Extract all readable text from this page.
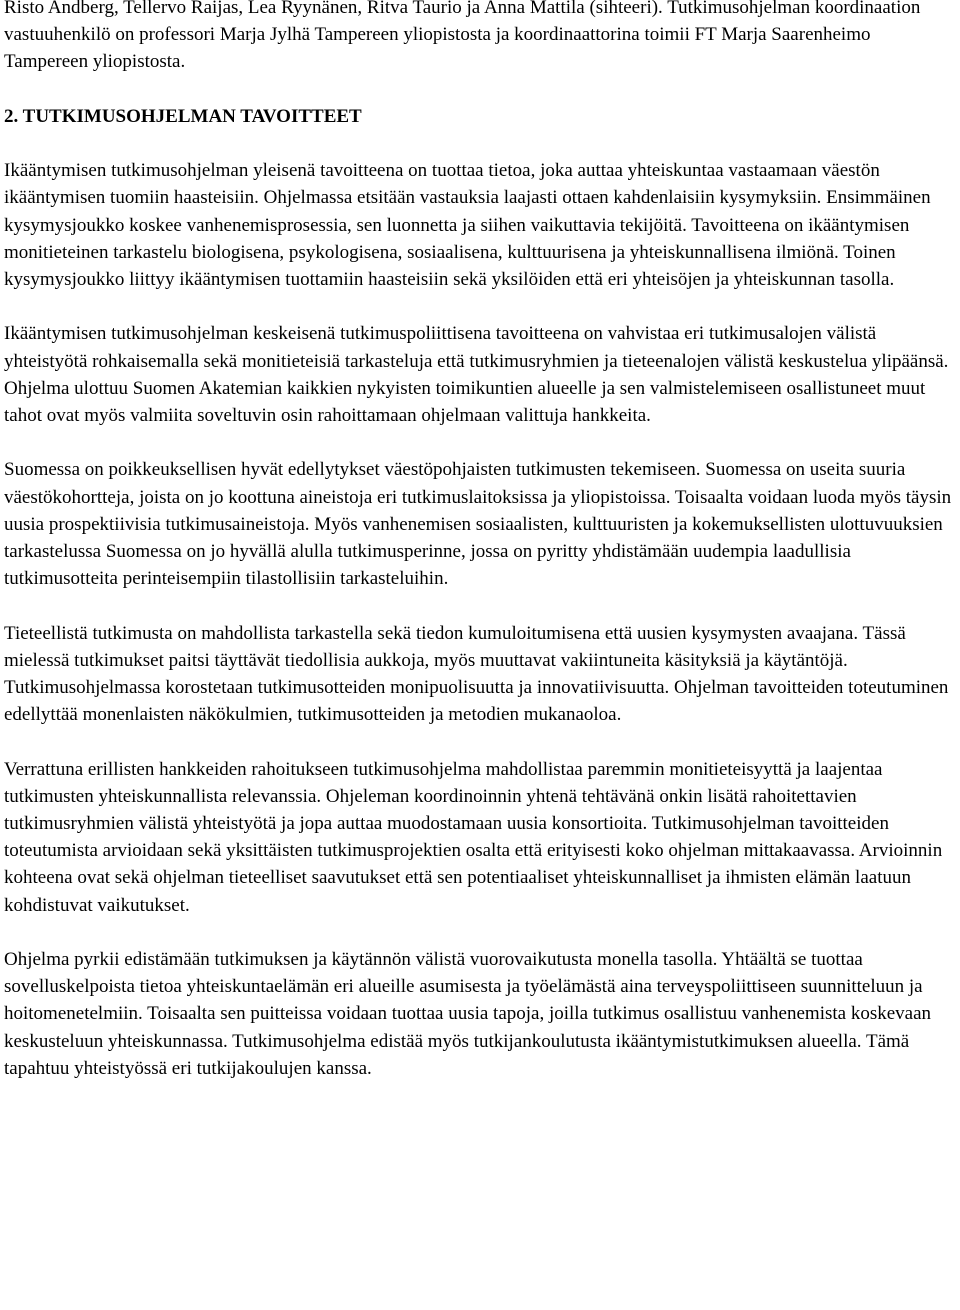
Risto Andberg, Tellervo Raijas, Lea Ryynänen, Ritva Taurio ja Anna Mattila (sihteeri). Tutkimusohjelman koordinaation vastuuhenkilö on professori Marja Jylhä Tampereen yliopistosta ja koordinaattorina toimii FT Marja Saarenheimo Tampereen yliopistosta.

2. TUTKIMUSOHJELMAN TAVOITTEET

Ikääntymisen tutkimusohjelman yleisenä tavoitteena on tuottaa tietoa, joka auttaa yhteiskuntaa vastaamaan väestön ikääntymisen tuomiin haasteisiin. Ohjelmassa etsitään vastauksia laajasti ottaen kahdenlaisiin kysymyksiin. Ensimmäinen kysymysjoukko koskee vanhenemisprosessia, sen luonnetta ja siihen vaikuttavia tekijöitä. Tavoitteena on ikääntymisen monitieteinen tarkastelu biologisena, psykologisena, sosiaalisena, kulttuurisena ja yhteiskunnallisena ilmiönä. Toinen kysymysjoukko liittyy ikääntymisen tuottamiin haasteisiin sekä yksilöiden että eri yhteisöjen ja yhteiskunnan tasolla.

Ikääntymisen tutkimusohjelman keskeisenä tutkimuspoliittisena tavoitteena on vahvistaa eri tutkimusalojen välistä yhteistyötä rohkaisemalla sekä monitieteisiä tarkasteluja että tutkimusryhmien ja tieteenalojen välistä keskustelua ylipäänsä. Ohjelma ulottuu Suomen Akatemian kaikkien nykyisten toimikuntien alueelle ja sen valmistelemiseen osallistuneet muut tahot ovat myös valmiita soveltuvin osin rahoittamaan ohjelmaan valittuja hankkeita.

Suomessa on poikkeuksellisen hyvät edellytykset väestöpohjaisten tutkimusten tekemiseen. Suomessa on useita suuria väestökohortteja, joista on jo koottuna aineistoja eri tutkimuslaitoksissa ja yliopistoissa. Toisaalta voidaan luoda myös täysin uusia prospektiivisia tutkimusaineistoja. Myös vanhenemisen sosiaalisten, kulttuuristen ja kokemuksellisten ulottuvuuksien tarkastelussa Suomessa on jo hyvällä alulla tutkimusperinne, jossa on pyritty yhdistämään uudempia laadullisia tutkimusotteita perinteisempiin tilastollisiin tarkasteluihin.

Tieteellistä tutkimusta on mahdollista tarkastella sekä tiedon kumuloitumisena että uusien kysymysten avaajana. Tässä mielessä tutkimukset paitsi täyttävät tiedollisia aukkoja, myös muuttavat vakiintuneita käsityksiä ja käytäntöjä. Tutkimusohjelmassa korostetaan tutkimusotteiden monipuolisuutta ja innovatiivisuutta. Ohjelman tavoitteiden toteutuminen edellyttää monenlaisten näkökulmien, tutkimusotteiden ja metodien mukanaoloa.

Verrattuna erillisten hankkeiden rahoitukseen tutkimusohjelma mahdollistaa paremmin monitieteisyyttä ja laajentaa tutkimusten yhteiskunnallista relevanssia. Ohjeleman koordinoinnin yhtenä tehtävänä onkin lisätä rahoitettavien tutkimusryhmien välistä yhteistyötä ja jopa auttaa muodostamaan uusia konsortioita. Tutkimusohjelman tavoitteiden toteutumista arvioidaan sekä yksittäisten tutkimusprojektien osalta että erityisesti koko ohjelman mittakaavassa. Arvioinnin kohteena ovat sekä ohjelman tieteelliset saavutukset että sen potentiaaliset yhteiskunnalliset ja ihmisten elämän laatuun kohdistuvat vaikutukset.

Ohjelma pyrkii edistämään tutkimuksen ja käytännön välistä vuorovaikutusta monella tasolla. Yhtäältä se tuottaa sovelluskelpoista tietoa yhteiskuntaelämän eri alueille asumisesta ja työelämästä aina terveyspoliittiseen suunnitteluun ja hoitomenetelmiin. Toisaalta sen puitteissa voidaan tuottaa uusia tapoja, joilla tutkimus osallistuu vanhenemista koskevaan keskusteluun yhteiskunnassa. Tutkimusohjelma edistää myös tutkijankoulutusta ikääntymistutkimuksen alueella. Tämä tapahtuu yhteistyössä eri tutkijakoulujen kanssa.
